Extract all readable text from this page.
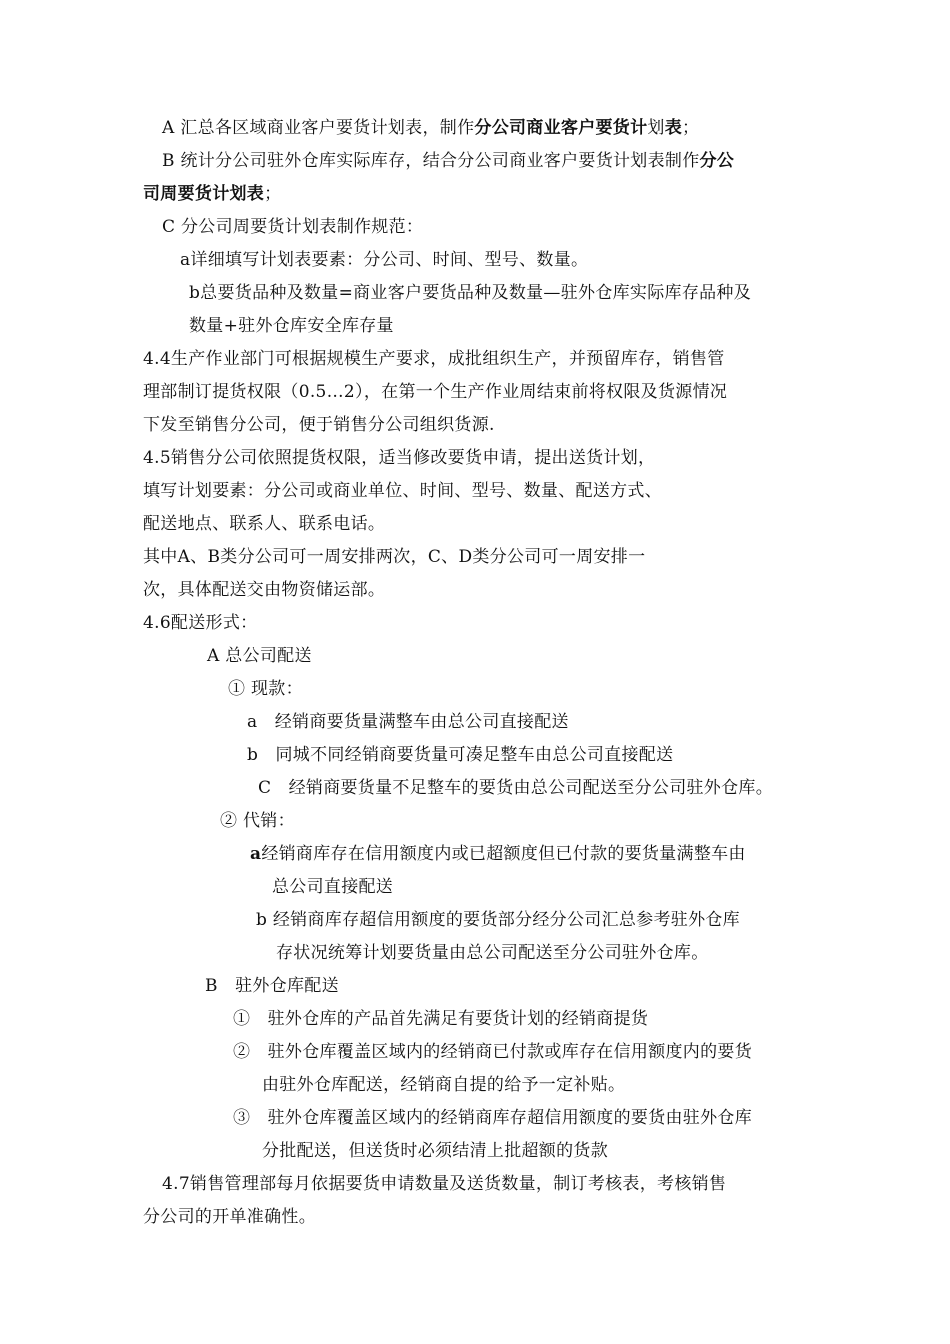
A 汇总各区域商业客户要货计划表，制作分公司商业客户要货计划表；
B 统计分公司驻外仓库实际库存，结合分公司商业客户要货计划表制作分公
司周要货计划表；
C 分公司周要货计划表制作规范：
a详细填写计划表要素：分公司、时间、型号、数量。
b总要货品种及数量=商业客户要货品种及数量—驻外仓库实际库存品种及
数量+驻外仓库安全库存量
4.4生产作业部门可根据规模生产要求，成批组织生产，并预留库存，销售管
理部制订提货权限（0.5…2），在第一个生产作业周结束前将权限及货源情况
下发至销售分公司，便于销售分公司组织货源.
4.5销售分公司依照提货权限，适当修改要货申请，提出送货计划，
填写计划要素：分公司或商业单位、时间、型号、数量、配送方式、
配送地点、联系人、联系电话。
其中A、B类分公司可一周安排两次，C、D类分公司可一周安排一
次，具体配送交由物资储运部。
4.6配送形式：
A 总公司配送
① 现款：
a　经销商要货量满整车由总公司直接配送
b　同城不同经销商要货量可凑足整车由总公司直接配送
C　经销商要货量不足整车的要货由总公司配送至分公司驻外仓库。
② 代销：
a经销商库存在信用额度内或已超额度但已付款的要货量满整车由
总公司直接配送
b 经销商库存超信用额度的要货部分经分公司汇总参考驻外仓库
存状况统筹计划要货量由总公司配送至分公司驻外仓库。
B　驻外仓库配送
①　驻外仓库的产品首先满足有要货计划的经销商提货
②　驻外仓库覆盖区域内的经销商已付款或库存在信用额度内的要货
由驻外仓库配送，经销商自提的给予一定补贴。
③　驻外仓库覆盖区域内的经销商库存超信用额度的要货由驻外仓库
分批配送，但送货时必须结清上批超额的货款
4.7销售管理部每月依据要货申请数量及送货数量，制订考核表，考核销售
分公司的开单准确性。
